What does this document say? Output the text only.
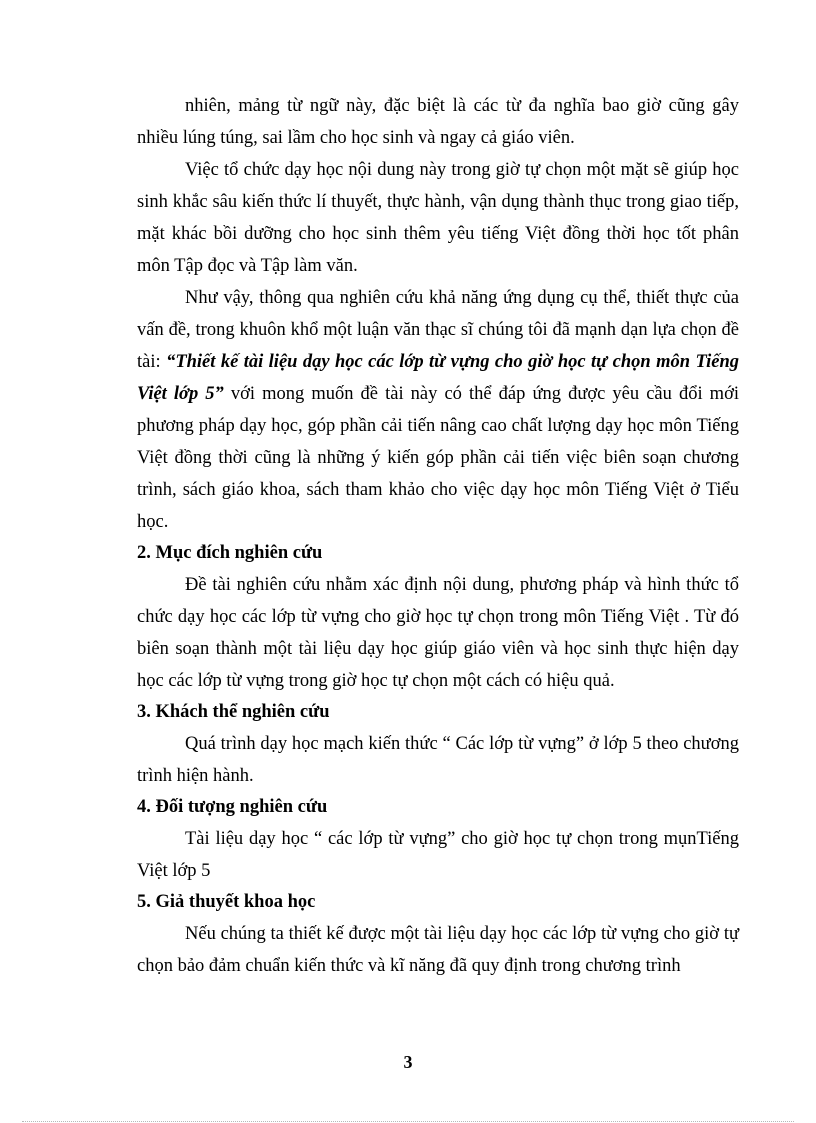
nhiên, mảng từ ngữ này, đặc biệt là các từ đa nghĩa bao giờ cũng gây nhiều lúng túng, sai lầm cho học sinh và ngay cả giáo viên.

Việc tổ chức dạy học nội dung này trong giờ tự chọn một mặt sẽ giúp học sinh khắc sâu kiến thức lí thuyết, thực hành, vận dụng thành thục trong giao tiếp, mặt khác bồi dưỡng cho học sinh thêm yêu tiếng Việt đồng thời học tốt phân môn Tập đọc và Tập làm văn.

Như vậy, thông qua nghiên cứu khả năng ứng dụng cụ thể, thiết thực của vấn đề, trong khuôn khổ một luận văn thạc sĩ chúng tôi đã mạnh dạn lựa chọn đề tài: “Thiết kế tài liệu dạy học các lớp từ vựng cho giờ học tự chọn môn Tiếng Việt lớp 5” với mong muốn đề tài này có thể đáp ứng được yêu cầu đổi mới phương pháp dạy học, góp phần cải tiến nâng cao chất lượng dạy học môn Tiếng Việt đồng thời cũng là những ý kiến góp phần cải tiến việc biên soạn chương trình, sách giáo khoa, sách tham khảo cho việc dạy học môn Tiếng Việt ở Tiểu học.

2. Mục đích nghiên cứu

Đề tài nghiên cứu nhằm xác định nội dung, phương pháp và hình thức tổ chức dạy học các lớp từ vựng cho giờ học tự chọn trong môn Tiếng Việt . Từ đó biên soạn thành một tài liệu dạy học giúp giáo viên và học sinh thực hiện dạy học các lớp từ vựng trong giờ học tự chọn một cách có hiệu quả.

3. Khách thể nghiên cứu

Quá trình dạy học mạch kiến thức “ Các lớp từ vựng” ở lớp 5 theo chương trình hiện hành.

4. Đối tượng nghiên cứu

Tài liệu dạy học “ các lớp từ vựng” cho giờ học tự chọn trong mụnTiếng Việt lớp 5

5. Giả thuyết khoa học

Nếu chúng ta thiết kế được một tài liệu dạy học các lớp từ vựng cho giờ tự chọn bảo đảm chuẩn kiến thức và kĩ năng đã quy định trong chương trình

3
